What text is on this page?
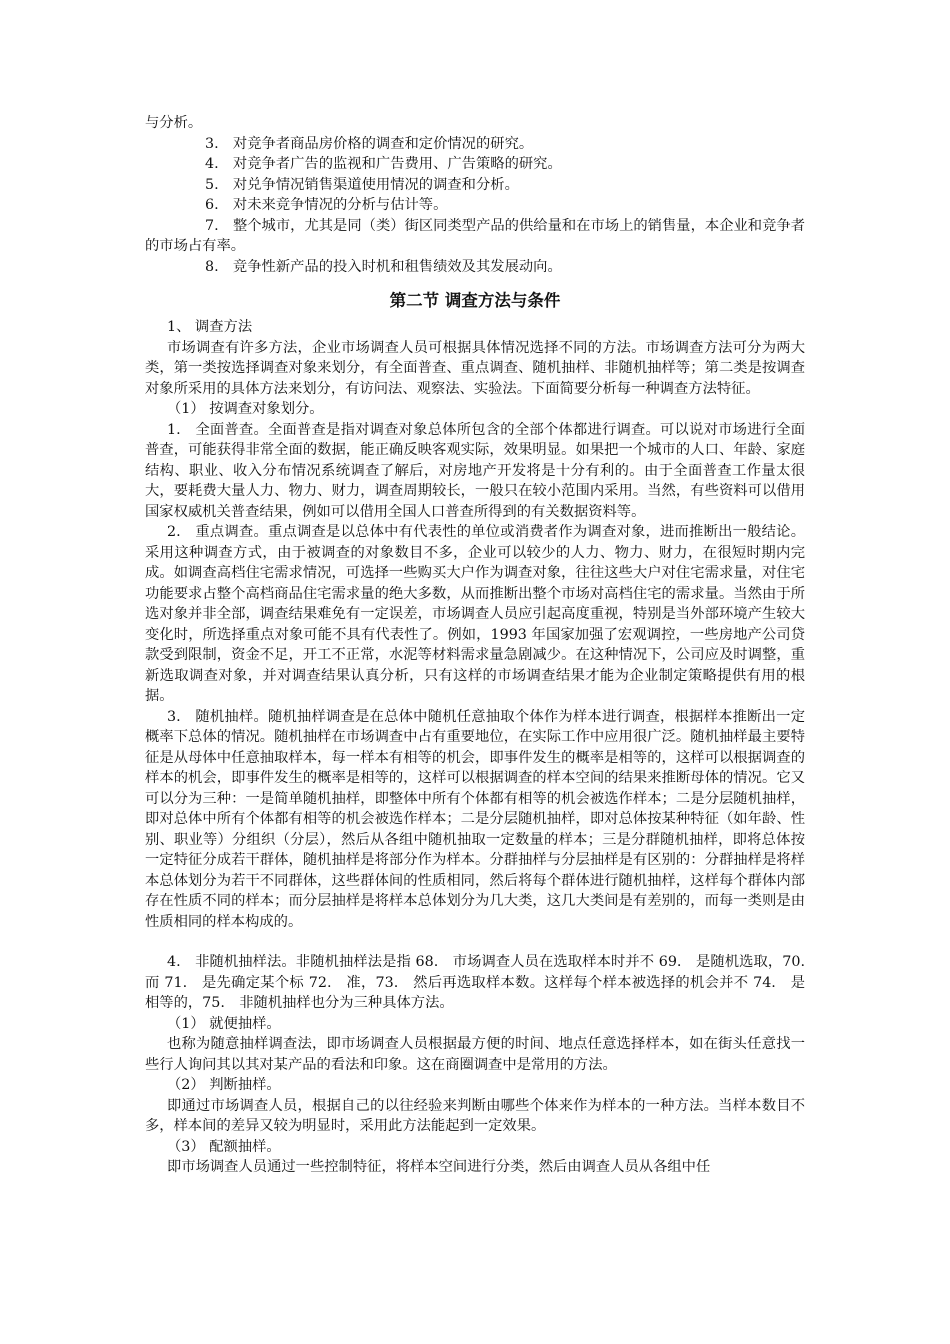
与分析。

3.　对竞争者商品房价格的调查和定价情况的研究。

4.　对竞争者广告的监视和广告费用、广告策略的研究。

5.　对兑争情况销售渠道使用情况的调查和分析。

6.　对未来竞争情况的分析与估计等。

7.　整个城市，尤其是同（类）街区同类型产品的供给量和在市场上的销售量，本企业和竞争者的市场占有率。

8.　竞争性新产品的投入时机和租售绩效及其发展动向。

第二节 调查方法与条件

1、 调查方法

市场调查有许多方法，企业市场调查人员可根据具体情况选择不同的方法。市场调查方法可分为两大类，第一类按选择调查对象来划分，有全面普查、重点调查、随机抽样、非随机抽样等；第二类是按调查对象所采用的具体方法来划分，有访问法、观察法、实验法。下面简要分析每一种调查方法特征。

（1） 按调查对象划分。

1.　全面普查。全面普查是指对调查对象总体所包含的全部个体都进行调查。可以说对市场进行全面普查，可能获得非常全面的数据，能正确反映客观实际，效果明显。如果把一个城市的人口、年龄、家庭结构、职业、收入分布情况系统调查了解后，对房地产开发将是十分有利的。由于全面普查工作量太很大，要耗费大量人力、物力、财力，调查周期较长，一般只在较小范围内采用。当然，有些资料可以借用国家权威机关普查结果，例如可以借用全国人口普查所得到的有关数据资料等。

2.　重点调查。重点调查是以总体中有代表性的单位或消费者作为调查对象，进而推断出一般结论。采用这种调查方式，由于被调查的对象数目不多，企业可以较少的人力、物力、财力，在很短时期内完成。如调查高档住宅需求情况，可选择一些购买大户作为调查对象，往往这些大户对住宅需求量，对住宅功能要求占整个高档商品住宅需求量的绝大多数，从而推断出整个市场对高档住宅的需求量。当然由于所选对象并非全部，调查结果难免有一定误差，市场调查人员应引起高度重视，特别是当外部环境产生较大变化时，所选择重点对象可能不具有代表性了。例如，1993 年国家加强了宏观调控，一些房地产公司贷款受到限制，资金不足，开工不正常，水泥等材料需求量急剧减少。在这种情况下，公司应及时调整，重新选取调查对象，并对调查结果认真分析，只有这样的市场调查结果才能为企业制定策略提供有用的根据。

3.　随机抽样。随机抽样调查是在总体中随机任意抽取个体作为样本进行调查，根据样本推断出一定概率下总体的情况。随机抽样在市场调查中占有重要地位，在实际工作中应用很广泛。随机抽样最主要特征是从母体中任意抽取样本，每一样本有相等的机会，即事件发生的概率是相等的，这样可以根据调查的样本的机会，即事件发生的概率是相等的，这样可以根据调查的样本空间的结果来推断母体的情况。它又可以分为三种：一是简单随机抽样，即整体中所有个体都有相等的机会被选作样本；二是分层随机抽样，即对总体中所有个体都有相等的机会被选作样本；二是分层随机抽样，即对总体按某种特征（如年龄、性别、职业等）分组织（分层），然后从各组中随机抽取一定数量的样本；三是分群随机抽样，即将总体按一定特征分成若干群体，随机抽样是将部分作为样本。分群抽样与分层抽样是有区别的：分群抽样是将样本总体划分为若干不同群体，这些群体间的性质相同，然后将每个群体进行随机抽样，这样每个群体内部存在性质不同的样本；而分层抽样是将样本总体划分为几大类，这几大类间是有差别的，而每一类则是由性质相同的样本构成的。

4.　非随机抽样法。非随机抽样法是指 68.　市场调查人员在选取样本时并不 69.　是随机选取，70.　而 71.　是先确定某个标 72.　准，73.　然后再选取样本数。这样每个样本被选择的机会并不 74.　是相等的，75.　非随机抽样也分为三种具体方法。

（1） 就便抽样。

也称为随意抽样调查法，即市场调查人员根据最方便的时间、地点任意选择样本，如在街头任意找一些行人询问其以其对某产品的看法和印象。这在商圈调查中是常用的方法。

（2） 判断抽样。

即通过市场调查人员，根据自己的以往经验来判断由哪些个体来作为样本的一种方法。当样本数目不多，样本间的差异又较为明显时，采用此方法能起到一定效果。

（3） 配额抽样。

即市场调查人员通过一些控制特征，将样本空间进行分类，然后由调查人员从各组中任
